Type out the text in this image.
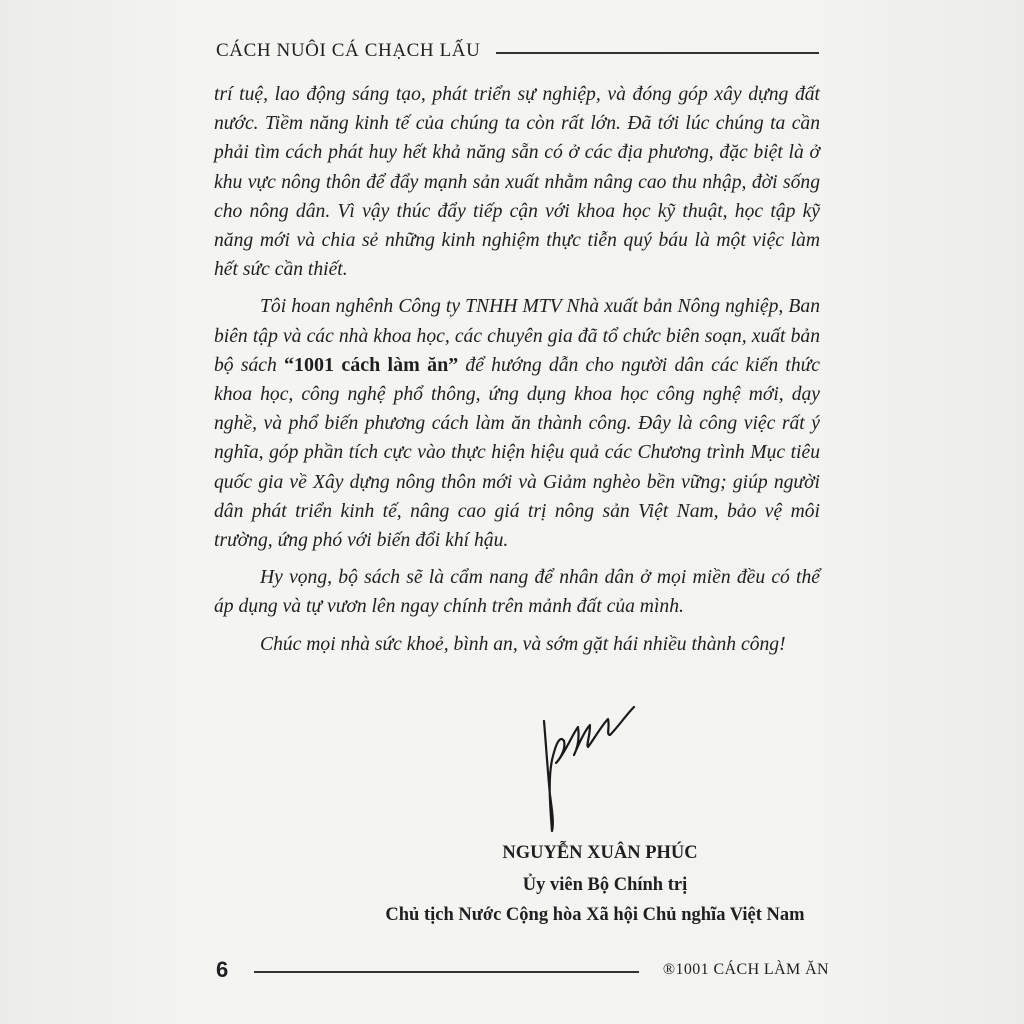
CÁCH NUÔI CÁ CHẠCH LẤU

trí tuệ, lao động sáng tạo, phát triển sự nghiệp, và đóng góp xây dựng đất nước. Tiềm năng kinh tế của chúng ta còn rất lớn. Đã tới lúc chúng ta cần phải tìm cách phát huy hết khả năng sẵn có ở các địa phương, đặc biệt là ở khu vực nông thôn để đẩy mạnh sản xuất nhằm nâng cao thu nhập, đời sống cho nông dân. Vì vậy thúc đẩy tiếp cận với khoa học kỹ thuật, học tập kỹ năng mới và chia sẻ những kinh nghiệm thực tiễn quý báu là một việc làm hết sức cần thiết.

Tôi hoan nghênh Công ty TNHH MTV Nhà xuất bản Nông nghiệp, Ban biên tập và các nhà khoa học, các chuyên gia đã tổ chức biên soạn, xuất bản bộ sách “1001 cách làm ăn” để hướng dẫn cho người dân các kiến thức khoa học, công nghệ phổ thông, ứng dụng khoa học công nghệ mới, dạy nghề, và phổ biến phương cách làm ăn thành công. Đây là công việc rất ý nghĩa, góp phần tích cực vào thực hiện hiệu quả các Chương trình Mục tiêu quốc gia về Xây dựng nông thôn mới và Giảm nghèo bền vững; giúp người dân phát triển kinh tế, nâng cao giá trị nông sản Việt Nam, bảo vệ môi trường, ứng phó với biến đổi khí hậu.

Hy vọng, bộ sách sẽ là cẩm nang để nhân dân ở mọi miền đều có thể áp dụng và tự vươn lên ngay chính trên mảnh đất của mình.

Chúc mọi nhà sức khoẻ, bình an, và sớm gặt hái nhiều thành công!

NGUYỄN XUÂN PHÚC
Ủy viên Bộ Chính trị
Chủ tịch Nước Cộng hòa Xã hội Chủ nghĩa Việt Nam
6	®1001 CÁCH LÀM ĂN
